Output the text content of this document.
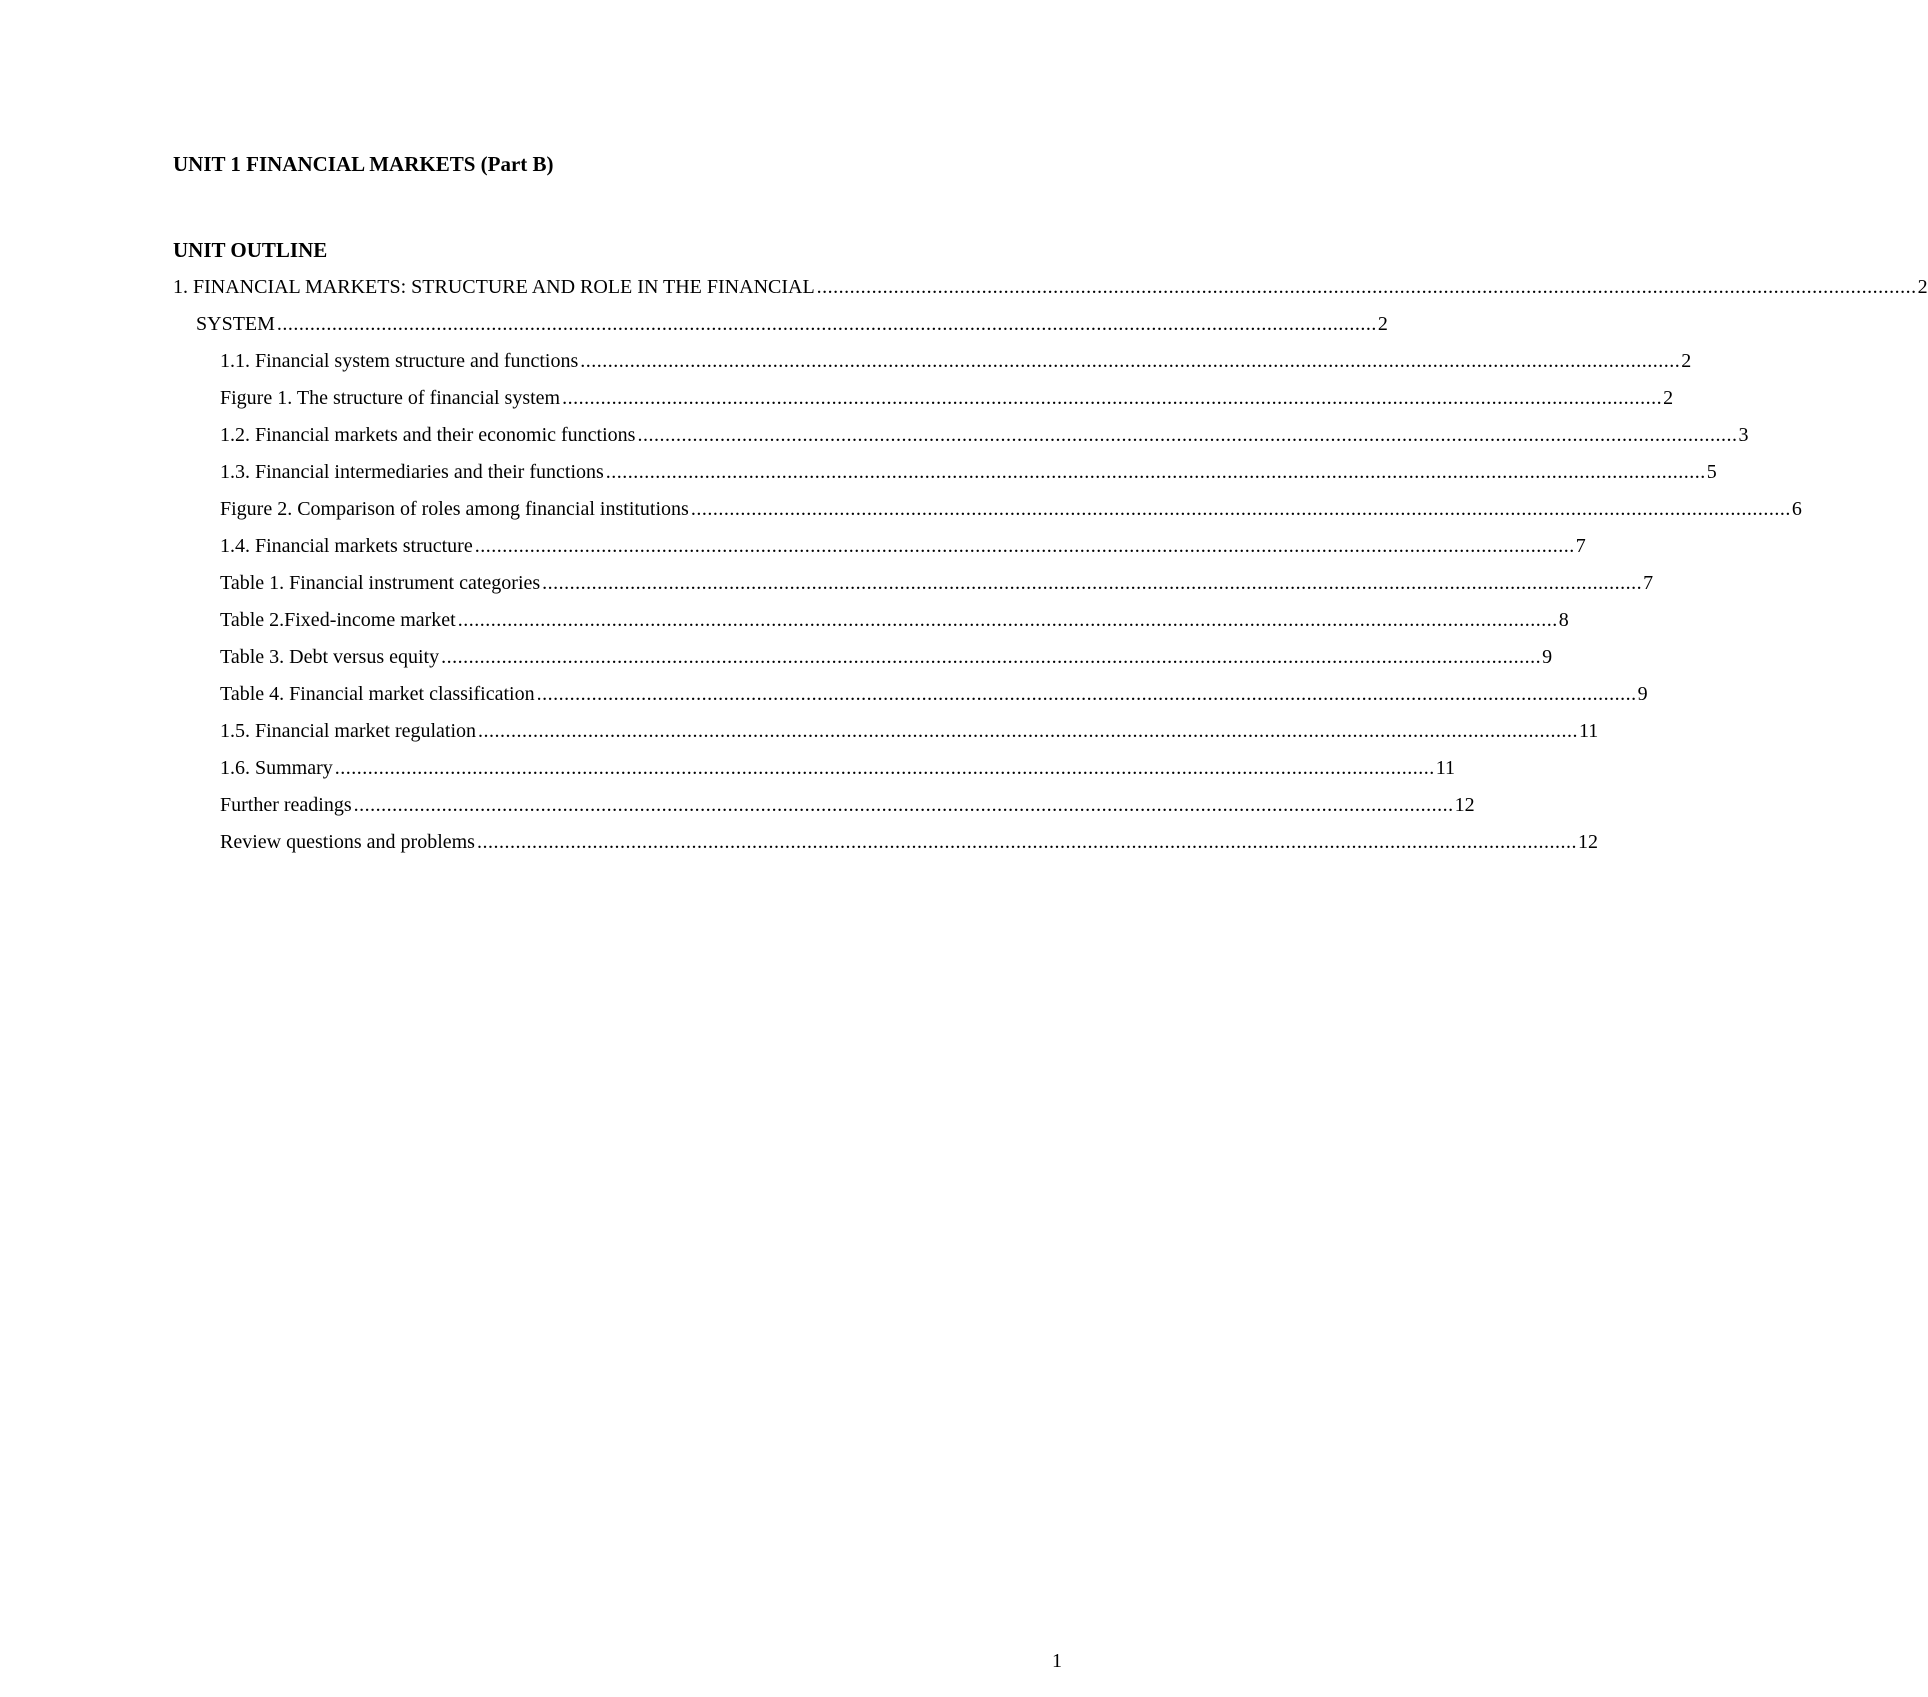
UNIT 1 FINANCIAL MARKETS (Part B)
UNIT OUTLINE
1. FINANCIAL MARKETS: STRUCTURE AND ROLE IN THE FINANCIAL ........................................................................................................................................................................................................ 2
SYSTEM ........................................................................................................................................................................................................ 2
1.1. Financial system structure and functions ........................................................................................................................................................................................................ 2
Figure 1. The structure of financial system ........................................................................................................................................................................................................ 2
1.2. Financial markets and their economic functions ........................................................................................................................................................................................................ 3
1.3. Financial intermediaries and their functions ........................................................................................................................................................................................................ 5
Figure 2. Comparison of roles among financial institutions ........................................................................................................................................................................................................ 6
1.4. Financial markets structure ........................................................................................................................................................................................................ 7
Table 1. Financial instrument categories ........................................................................................................................................................................................................ 7
Table 2.Fixed-income market ........................................................................................................................................................................................................ 8
Table 3. Debt versus equity ........................................................................................................................................................................................................ 9
Table 4. Financial market classification ........................................................................................................................................................................................................ 9
1.5. Financial market regulation ........................................................................................................................................................................................................ 11
1.6. Summary ........................................................................................................................................................................................................ 11
Further readings ........................................................................................................................................................................................................ 12
Review questions and problems ........................................................................................................................................................................................................ 12
1
